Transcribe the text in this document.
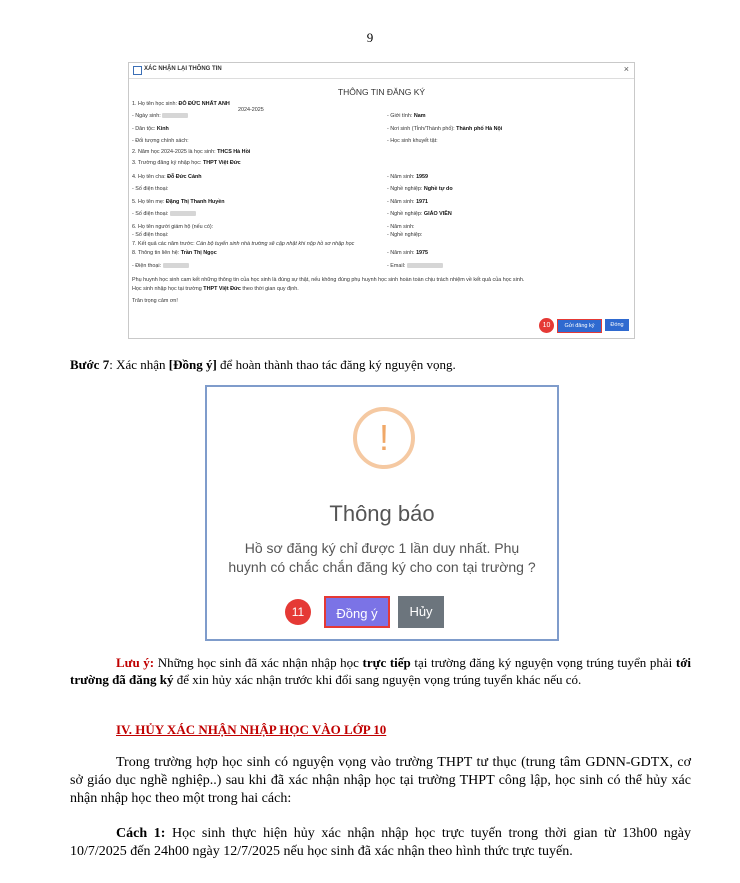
9
XÁC NHẬN LẠI THÔNG TIN	×
THÔNG TIN ĐĂNG KÝ
1. Họ tên học sinh: ĐỖ ĐỨC NHẤT ANH
2024-2025
- Ngày sinh:	- Giới tính: Nam
- Dân tộc: Kinh	- Nơi sinh (Tỉnh/Thành phố): Thành phố Hà Nội
- Đối tượng chính sách:	- Học sinh khuyết tật:
2. Năm học 2024-2025 là học sinh: THCS Hà Hồi
3. Trường đăng ký nhập học: THPT Việt Đức
4. Họ tên cha: Đỗ Đức Cảnh	- Năm sinh: 1959
- Số điện thoại:	- Nghề nghiệp: Nghề tự do
5. Họ tên mẹ: Đặng Thị Thanh Huyền	- Năm sinh: 1971
- Số điện thoại:	- Nghề nghiệp: GIÁO VIÊN
6. Họ tên người giám hộ (nếu có):	- Năm sinh:
- Số điện thoại:	- Nghề nghiệp:
7. Kết quả các năm trước: Cán bộ tuyển sinh nhà trường sẽ cập nhật khi nộp hồ sơ nhập học
8. Thông tin liên hệ: Trần Thị Ngọc	- Năm sinh: 1975
- Điện thoại:	- Email:
Phụ huynh học sinh cam kết những thông tin của học sinh là đúng sự thật, nếu không đúng phụ huynh học sinh hoàn toàn chịu trách nhiệm về kết quả của học sinh.
Học sinh nhập học tại trường THPT Việt Đức theo thời gian quy định.
Trân trọng cảm ơn!
10	Gửi đăng ký	Đóng
Bước 7: Xác nhận [Đồng ý] để hoàn thành thao tác đăng ký nguyện vọng.
!
Thông báo
Hồ sơ đăng ký chỉ được 1 lần duy nhất. Phụ huynh có chắc chắn đăng ký cho con tại trường ?
11	Đồng ý	Hủy
Lưu ý: Những học sinh đã xác nhận nhập học trực tiếp tại trường đăng ký nguyện vọng trúng tuyển phải tới trường đã đăng ký để xin hủy xác nhận trước khi đổi sang nguyện vọng trúng tuyển khác nếu có.
IV. HỦY XÁC NHẬN NHẬP HỌC VÀO LỚP 10
Trong trường hợp học sinh có nguyện vọng vào trường THPT tư thục (trung tâm GDNN-GDTX, cơ sở giáo dục nghề nghiệp..) sau khi đã xác nhận nhập học tại trường THPT công lập, học sinh có thể hủy xác nhận nhập học theo một trong hai cách:
Cách 1: Học sinh thực hiện hủy xác nhận nhập học trực tuyến trong thời gian từ 13h00 ngày 10/7/2025 đến 24h00 ngày 12/7/2025 nếu học sinh đã xác nhận theo hình thức trực tuyến.
